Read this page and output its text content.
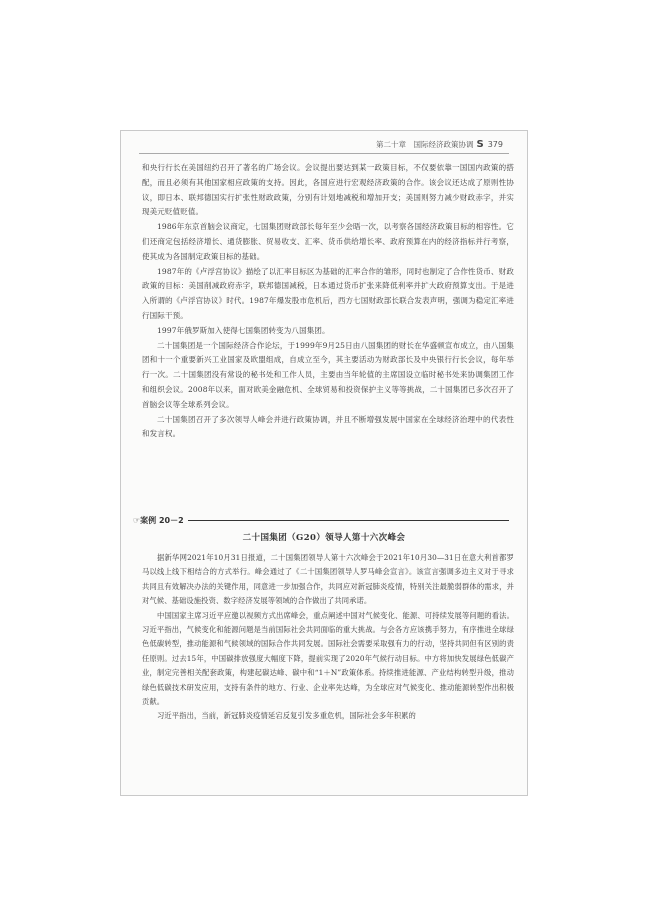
第二十章　国际经济政策协调 S 379

和央行行长在美国纽约召开了著名的广场会议。会议提出要达到某一政策目标，不仅要依靠一国国内政策的搭配，而且必须有其他国家相应政策的支持。因此，各国应进行宏观经济政策的合作。该会议还达成了原则性协议，即日本、联邦德国实行扩张性财政政策，分别有计划地减税和增加开支；美国则努力减少财政赤字，并实现美元贬值贬值。

1986年东京首脑会议商定，七国集团财政部长每年至少会晤一次，以考察各国经济政策目标的相容性。它们还商定包括经济增长、通货膨胀、贸易收支、汇率、货币供给增长率、政府预算在内的经济指标并行考察，使其成为各国制定政策目标的基础。

1987年的《卢浮宫协议》描绘了以汇率目标区为基础的汇率合作的雏形，同时也制定了合作性货币、财政政策的目标：美国削减政府赤字，联邦德国减税，日本通过货币扩张来降低利率并扩大政府预算支出。于是进入所谓的《卢浮宫协议》时代。1987年爆发股市危机后，西方七国财政部长联合发表声明，强调为稳定汇率进行国际干预。

1997年俄罗斯加入使得七国集团转变为八国集团。

二十国集团是一个国际经济合作论坛，于1999年9月25日由八国集团的财长在华盛顿宣布成立，由八国集团和十一个重要新兴工业国家及欧盟组成，自成立至今，其主要活动为财政部长及中央银行行长会议，每年举行一次。二十国集团没有常设的秘书处和工作人员，主要由当年轮值的主席国设立临时秘书处来协调集团工作和组织会议。2008年以来，面对欧美金融危机、全球贸易和投资保护主义等等挑战，二十国集团已多次召开了首脑会议等全球系列会议。

二十国集团召开了多次领导人峰会并进行政策协调，并且不断增强发展中国家在全球经济治理中的代表性和发言权。

☞案例 20－2
二十国集团（G20）领导人第十六次峰会

据新华网2021年10月31日报道，二十国集团领导人第十六次峰会于2021年10月30—31日在意大利首都罗马以线上线下相结合的方式举行。峰会通过了《二十国集团领导人罗马峰会宣言》。该宣言强调多边主义对于寻求共同且有效解决办法的关键作用，同意进一步加强合作，共同应对新冠肺炎疫情，特别关注最脆弱群体的需求，并对气候、基础设施投资、数字经济发展等领域的合作做出了共同承诺。

中国国家主席习近平应邀以视频方式出席峰会，重点阐述中国对气候变化、能源、可持续发展等问题的看法。习近平指出，气候变化和能源问题是当前国际社会共同面临的重大挑战。与会各方应该携手努力，有序推进全球绿色低碳转型，推动能源和气候领域的国际合作共同发展。国际社会需要采取强有力的行动，坚持共同但有区别的责任原则。过去15年，中国碳排放强度大幅度下降，提前实现了2020年气候行动目标。中方将加快发展绿色低碳产业，制定完善相关配套政策，构建起碳达峰、碳中和“1＋N”政策体系。持续推进能源、产业结构转型升级，推动绿色低碳技术研发应用，支持有条件的地方、行业、企业率先达峰，为全球应对气候变化、推动能源转型作出积极贡献。

习近平指出，当前，新冠肺炎疫情延宕反复引发多重危机，国际社会多年积累的
